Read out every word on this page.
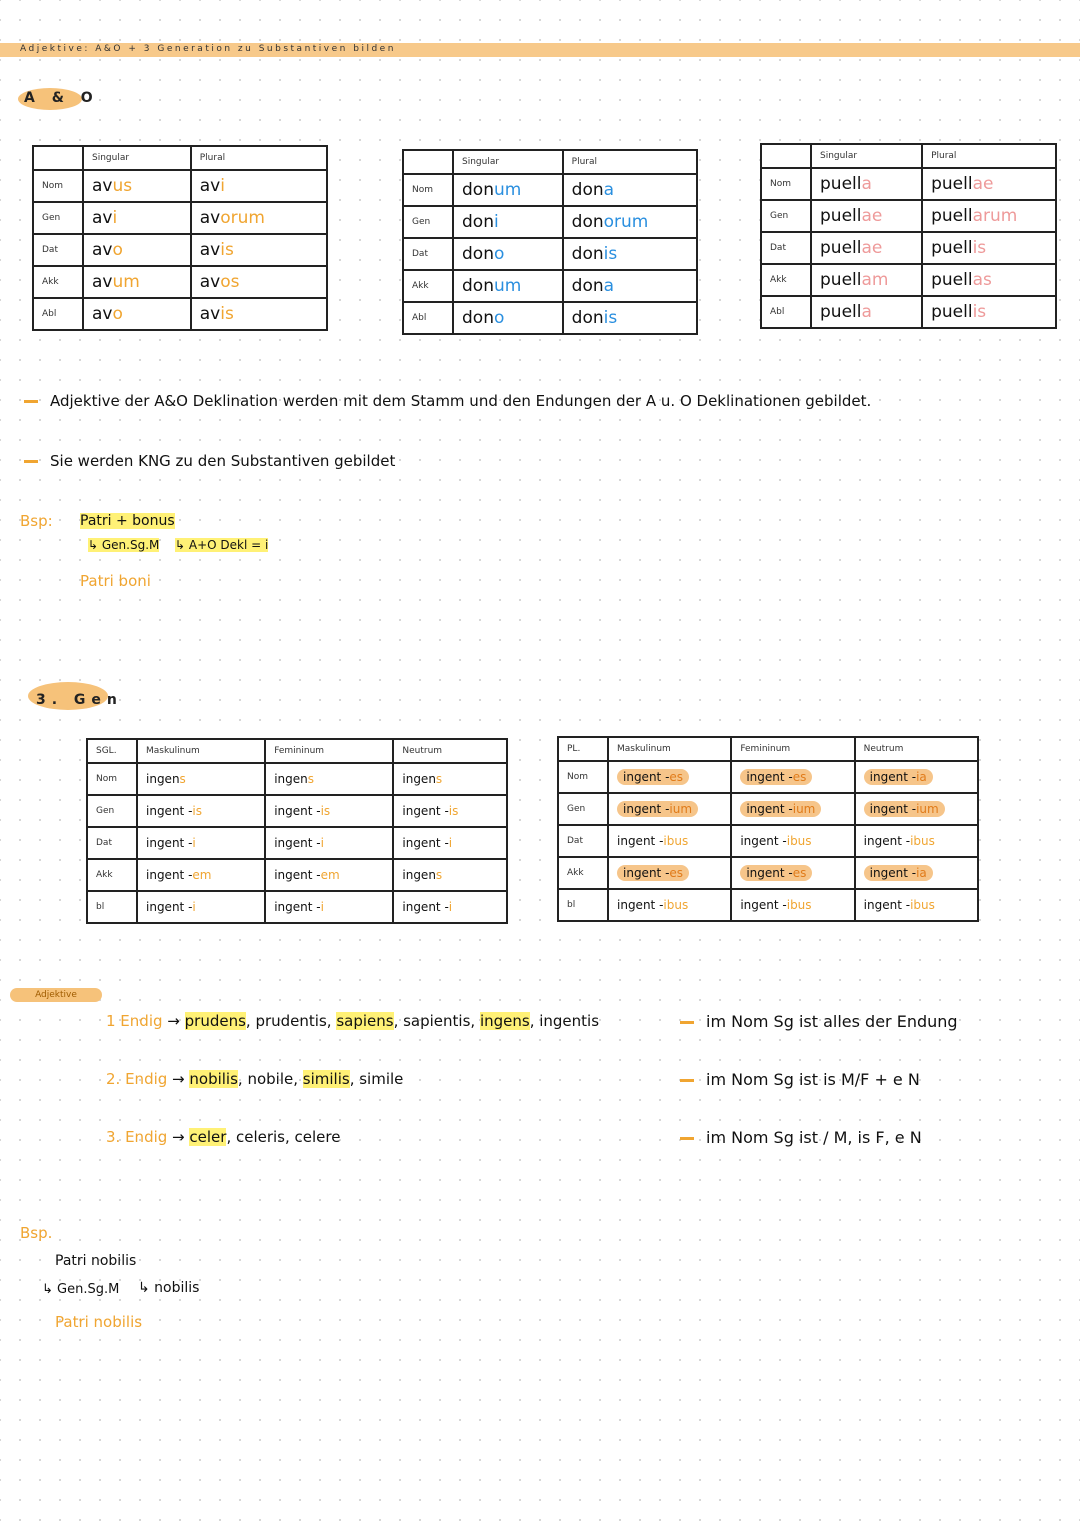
Adjektive: A&O + 3 Generation zu Substantiven bilden
A & O
	Singular	Plural
Nom	avus	avi
Gen	avi	avorum
Dat	avo	avis
Akk	avum	avos
Abl	avo	avis
	Singular	Plural
Nom	donum	dona
Gen	doni	donorum
Dat	dono	donis
Akk	donum	dona
Abl	dono	donis
	Singular	Plural
Nom	puella	puellae
Gen	puellae	puellarum
Dat	puellae	puellis
Akk	puellam	puellas
Abl	puella	puellis
Adjektive der A&O Deklination werden mit dem Stamm und den Endungen der A u. O Deklinationen gebildet.
Sie werden KNG zu den Substantiven gebildet
Bsp: Patri + bonus
↳ Gen.Sg.M ↳ A+O Dekl = i
Patri boni
3. Gen
SGL.	Maskulinum	Femininum	Neutrum
Nom	ingens	ingens	ingens
Gen	ingent -is	ingent -is	ingent -is
Dat	ingent -i	ingent -i	ingent -i
Akk	ingent -em	ingent -em	ingens
bl	ingent -i	ingent -i	ingent -i
PL.	Maskulinum	Femininum	Neutrum
Nom	ingent -es	ingent -es	ingent -ia
Gen	ingent -ium	ingent -ium	ingent -ium
Dat	ingent -ibus	ingent -ibus	ingent -ibus
Akk	ingent -es	ingent -es	ingent -ia
bl	ingent -ibus	ingent -ibus	ingent -ibus
Adjektive
1 Endig → prudens, prudentis, sapiens, sapientis, ingens, ingentis	im Nom Sg ist alles der Endung
2. Endig → nobilis, nobile, similis, simile	im Nom Sg ist is M/F + e N
3. Endig → celer, celeris, celere	im Nom Sg ist / M, is F, e N
Bsp.
Patri nobilis
↳ Gen.Sg.M ↳ nobilis
Patri nobilis
